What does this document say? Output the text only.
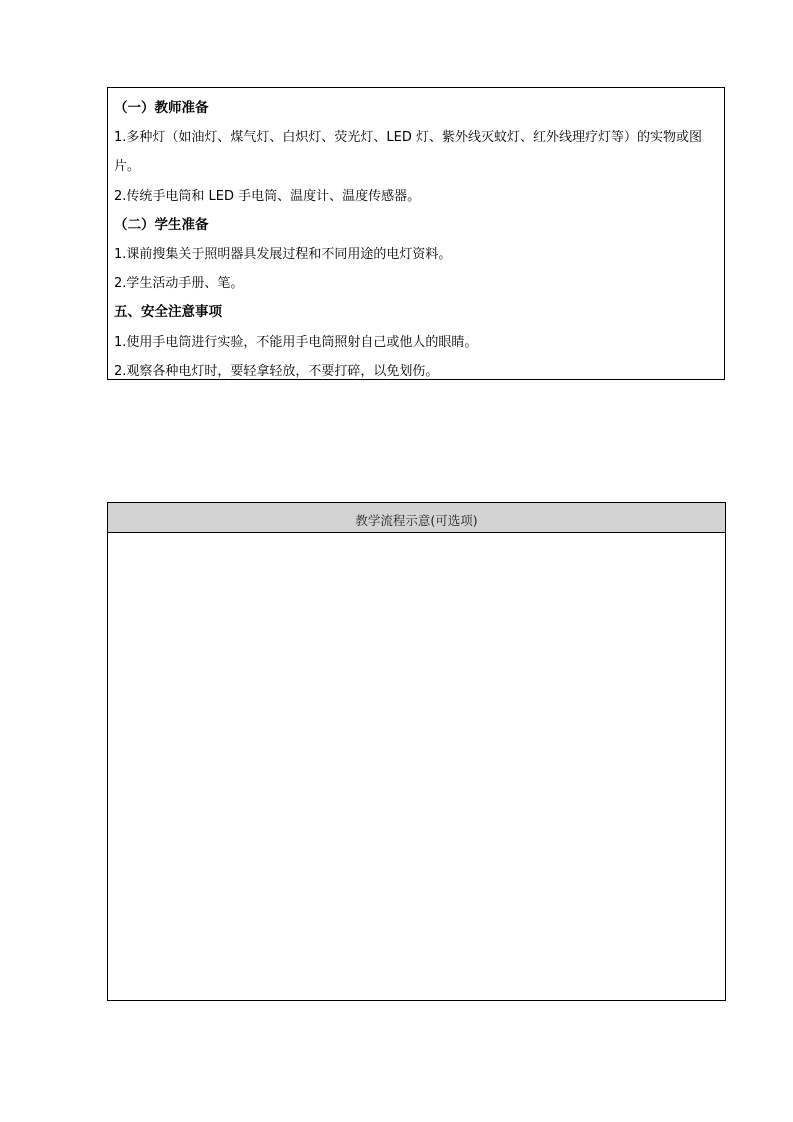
（一）教师准备
1.多种灯（如油灯、煤气灯、白炽灯、荧光灯、LED 灯、紫外线灭蚊灯、红外线理疗灯等）的实物或图片。
2.传统手电筒和 LED 手电筒、温度计、温度传感器。
（二）学生准备
1.课前搜集关于照明器具发展过程和不同用途的电灯资料。
2.学生活动手册、笔。
五、安全注意事项
1.使用手电筒进行实验，不能用手电筒照射自己或他人的眼睛。
2.观察各种电灯时，要轻拿轻放，不要打碎，以免划伤。
教学流程示意(可选项)
